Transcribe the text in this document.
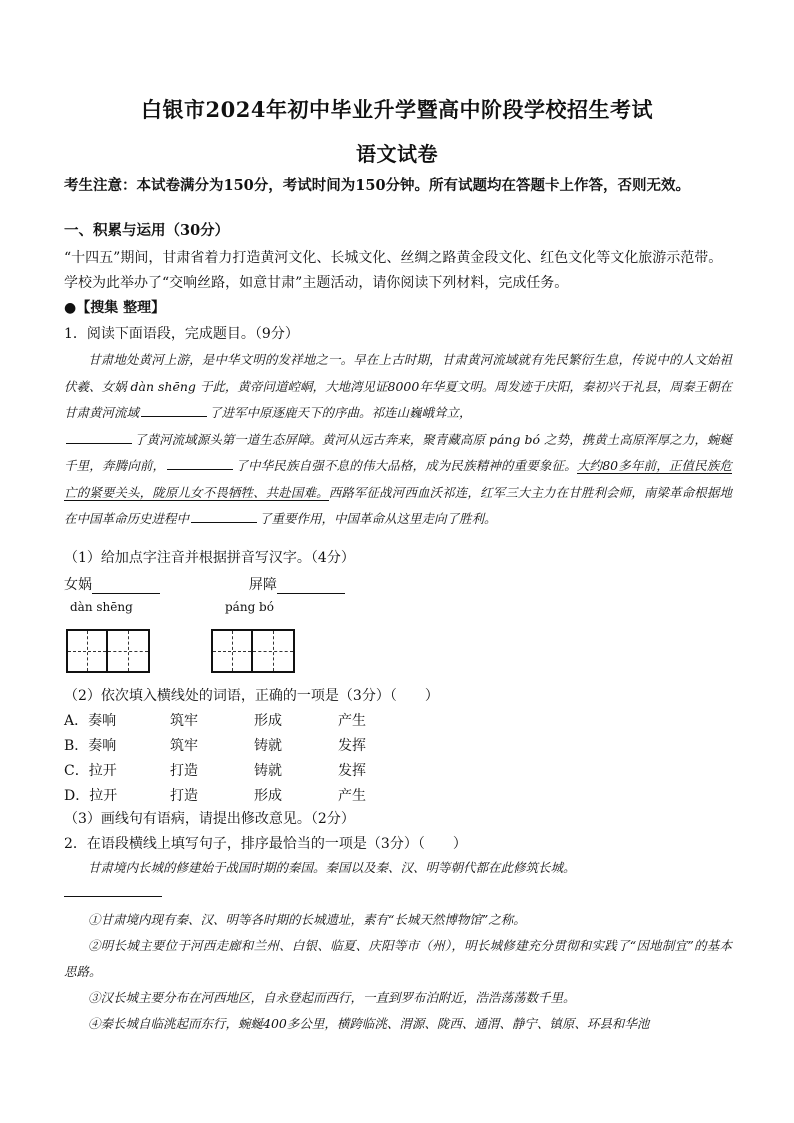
白银市2024年初中毕业升学暨高中阶段学校招生考试
语文试卷
考生注意：本试卷满分为150分，考试时间为150分钟。所有试题均在答题卡上作答，否则无效。
一、积累与运用（30分）
“十四五”期间，甘肃省着力打造黄河文化、长城文化、丝绸之路黄金段文化、红色文化等文化旅游示范带。学校为此举办了“交响丝路，如意甘肃”主题活动，请你阅读下列材料，完成任务。
●【搜集 整理】
1．阅读下面语段，完成题目。（9分）
甘肃地处黄河上游，是中华文明的发祥地之一。早在上古时期，甘肃黄河流域就有先民繁衍生息，传说中的人文始祖伏羲、女娲 dàn shēng 于此，黄帝问道崆峒，大地湾见证8000年华夏文明。周发迹于庆阳，秦初兴于礼县，周秦王朝在甘肃黄河流域	了进军中原逐鹿天下的序曲。祁连山巍峨耸立，
了黄河流域源头第一道生态屏障。黄河从远古奔来，聚青藏高原 páng bó 之势，携黄土高原浑厚之力，蜿蜒千里，奔腾向前，	了中华民族自强不息的伟大品格，成为民族精神的重要象征。大约80多年前，正值民族危亡的紧要关头，陇原儿女不畏牺牲、共赴国难。西路军征战河西血沃祁连，红军三大主力在甘胜利会师，南梁革命根据地在中国革命历史进程中	了重要作用，中国革命从这里走向了胜利。
（1）给加点字注音并根据拼音写汉字。（4分）
女娲	屏障
dàn shēng	páng bó
（2）依次填入横线处的词语，正确的一项是（3分）（　　）
A．奏响	筑牢	形成	产生
B．奏响	筑牢	铸就	发挥
C．拉开	打造	铸就	发挥
D．拉开	打造	形成	产生
（3）画线句有语病，请提出修改意见。（2分）
2．在语段横线上填写句子，排序最恰当的一项是（3分）（　　）
甘肃境内长城的修建始于战国时期的秦国。秦国以及秦、汉、明等朝代都在此修筑长城。
①甘肃境内现有秦、汉、明等各时期的长城遗址，素有“长城天然博物馆”之称。
②明长城主要位于河西走廊和兰州、白银、临夏、庆阳等市（州），明长城修建充分贯彻和实践了“因地制宜”的基本思路。
③汉长城主要分布在河西地区，自永登起而西行，一直到罗布泊附近，浩浩荡荡数千里。
④秦长城自临洮起而东行，蜿蜒400多公里，横跨临洮、渭源、陇西、通渭、静宁、镇原、环县和华池
